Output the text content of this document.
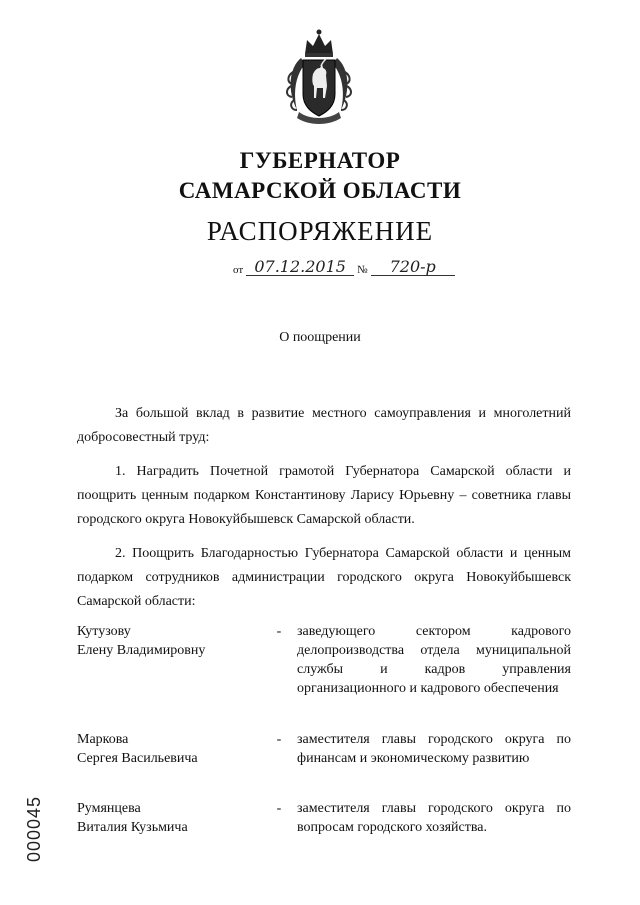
ГУБЕРНАТОР
САМАРСКОЙ ОБЛАСТИ
РАСПОРЯЖЕНИЕ
от 07.12.2015	№	720-р
О поощрении

За большой вклад в развитие местного самоуправления и многолетний добросовестный труд:

1. Наградить Почетной грамотой Губернатора Самарской области и поощрить ценным подарком Константинову Ларису Юрьевну – советника главы городского округа Новокуйбышевск Самарской области.

2. Поощрить Благодарностью Губернатора Самарской области и ценным подарком сотрудников администрации городского округа Новокуйбышевск Самарской области:

Кутузову
Елену Владимировну
-	заведующего сектором кадрового делопроизводства отдела муниципальной службы и кадров управления организационного и кадрового обеспечения
Маркова
Сергея Васильевича
-	заместителя главы городского округа по финансам и экономическому развитию
Румянцева
Виталия Кузьмича
-	заместителя главы городского округа по вопросам городского хозяйства.
000045
